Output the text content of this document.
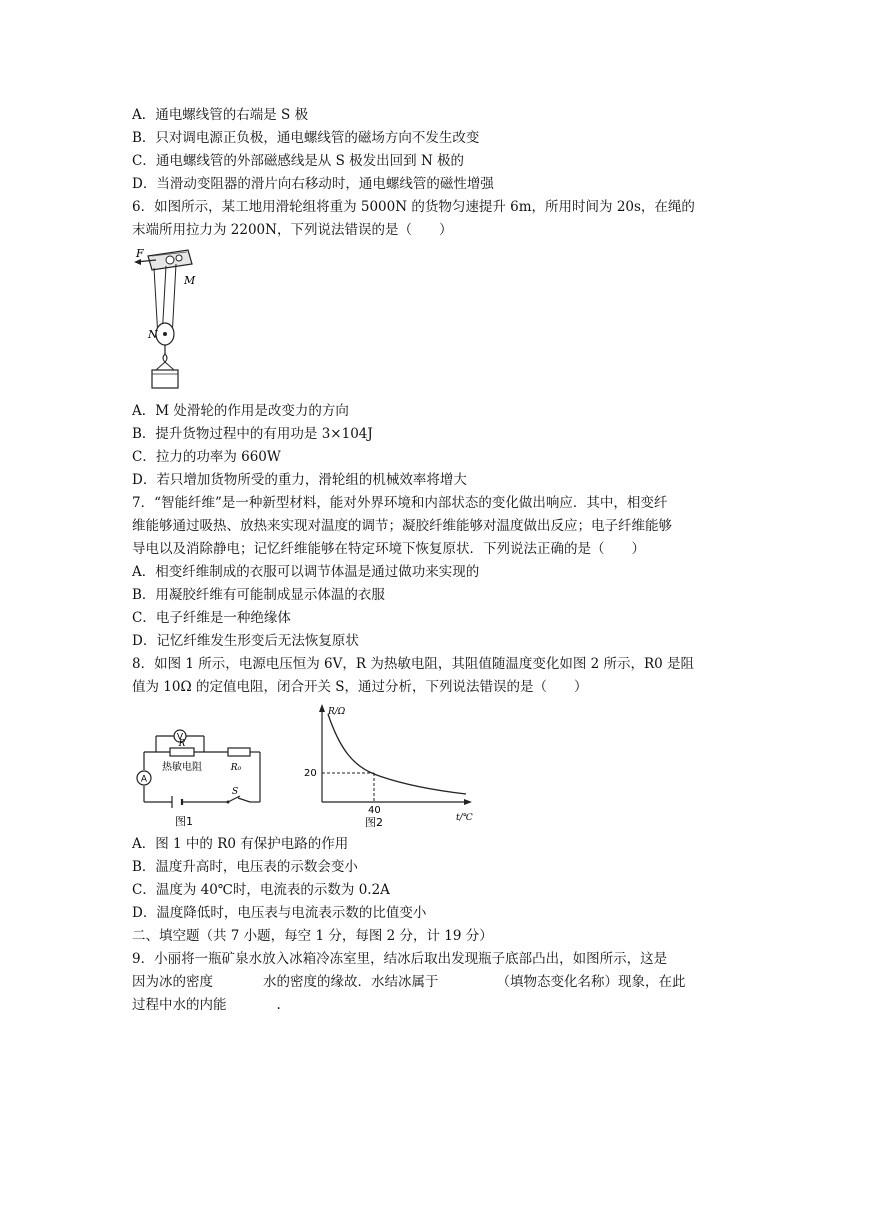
A．通电螺线管的右端是 S 极
B．只对调电源正负极，通电螺线管的磁场方向不发生改变
C．通电螺线管的外部磁感线是从 S 极发出回到 N 极的
D．当滑动变阻器的滑片向右移动时，通电螺线管的磁性增强
6．如图所示，某工地用滑轮组将重为 5000N 的货物匀速提升 6m，所用时间为 20s，在绳的
末端所用拉力为 2200N，下列说法错误的是（　　）
F
M
N
A．M 处滑轮的作用是改变力的方向
B．提升货物过程中的有用功是 3×104J
C．拉力的功率为 660W
D．若只增加货物所受的重力，滑轮组的机械效率将增大
7．“智能纤维”是一种新型材料，能对外界环境和内部状态的变化做出响应．其中，相变纤
维能够通过吸热、放热来实现对温度的调节；凝胶纤维能够对温度做出反应；电子纤维能够
导电以及消除静电；记忆纤维能够在特定环境下恢复原状．下列说法正确的是（　　）
A．相变纤维制成的衣服可以调节体温是通过做功来实现的
B．用凝胶纤维有可能制成显示体温的衣服
C．电子纤维是一种绝缘体
D．记忆纤维发生形变后无法恢复原状
8．如图 1 所示，电源电压恒为 6V，R 为热敏电阻，其阻值随温度变化如图 2 所示，R0 是阻
值为 10Ω 的定值电阻，闭合开关 S，通过分析，下列说法错误的是（　　）
V
R
热敏电阻	R₀
A
S
图1
R/Ω
t/℃
20
40
图2
A．图 1 中的 R0 有保护电路的作用
B．温度升高时，电压表的示数会变小
C．温度为 40℃时，电流表的示数为 0.2A
D．温度降低时，电压表与电流表示数的比值变小
二、填空题（共 7 小题，每空 1 分，每图 2 分，计 19 分）
9．小丽将一瓶矿泉水放入冰箱冷冻室里，结冰后取出发现瓶子底部凸出，如图所示，这是
因为冰的密度	水的密度的缘故．水结冰属于	（填物态变化名称）现象，在此
过程中水的内能	.
